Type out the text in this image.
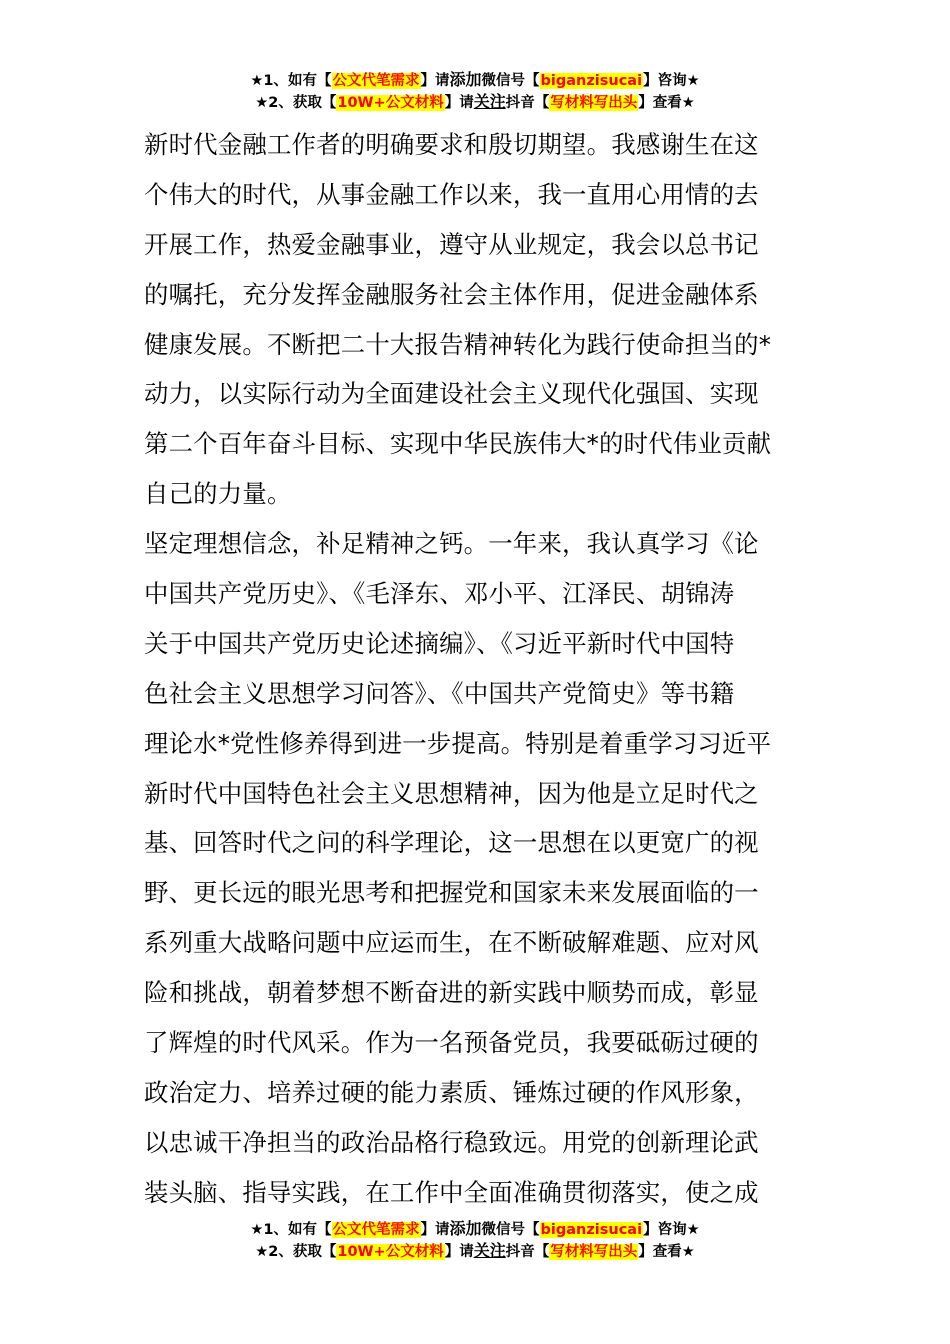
★1、如有【公文代笔需求】请添加微信号【biganzisucai】咨询★
★2、获取【10W+公文材料】请关注抖音【写材料写出头】查看★
新时代金融工作者的明确要求和殷切期望。我感谢生在这
个伟大的时代，从事金融工作以来，我一直用心用情的去
开展工作，热爱金融事业，遵守从业规定，我会以总书记
的嘱托，充分发挥金融服务社会主体作用，促进金融体系
健康发展。不断把二十大报告精神转化为践行使命担当的*
动力，以实际行动为全面建设社会主义现代化强国、实现
第二个百年奋斗目标、实现中华民族伟大*的时代伟业贡献
自己的力量。
坚定理想信念，补足精神之钙。一年来，我认真学习《论
中国共产党历史》、《毛泽东、邓小平、江泽民、胡锦涛
关于中国共产党历史论述摘编》、《习近平新时代中国特
色社会主义思想学习问答》、《中国共产党简史》等书籍
理论水*党性修养得到进一步提高。特别是着重学习习近平
新时代中国特色社会主义思想精神，因为他是立足时代之
基、回答时代之问的科学理论，这一思想在以更宽广的视
野、更长远的眼光思考和把握党和国家未来发展面临的一
系列重大战略问题中应运而生，在不断破解难题、应对风
险和挑战，朝着梦想不断奋进的新实践中顺势而成，彰显
了辉煌的时代风采。作为一名预备党员，我要砥砺过硬的
政治定力、培养过硬的能力素质、锤炼过硬的作风形象，
以忠诚干净担当的政治品格行稳致远。用党的创新理论武
装头脑、指导实践，在工作中全面准确贯彻落实，使之成
★1、如有【公文代笔需求】请添加微信号【biganzisucai】咨询★
★2、获取【10W+公文材料】请关注抖音【写材料写出头】查看★
